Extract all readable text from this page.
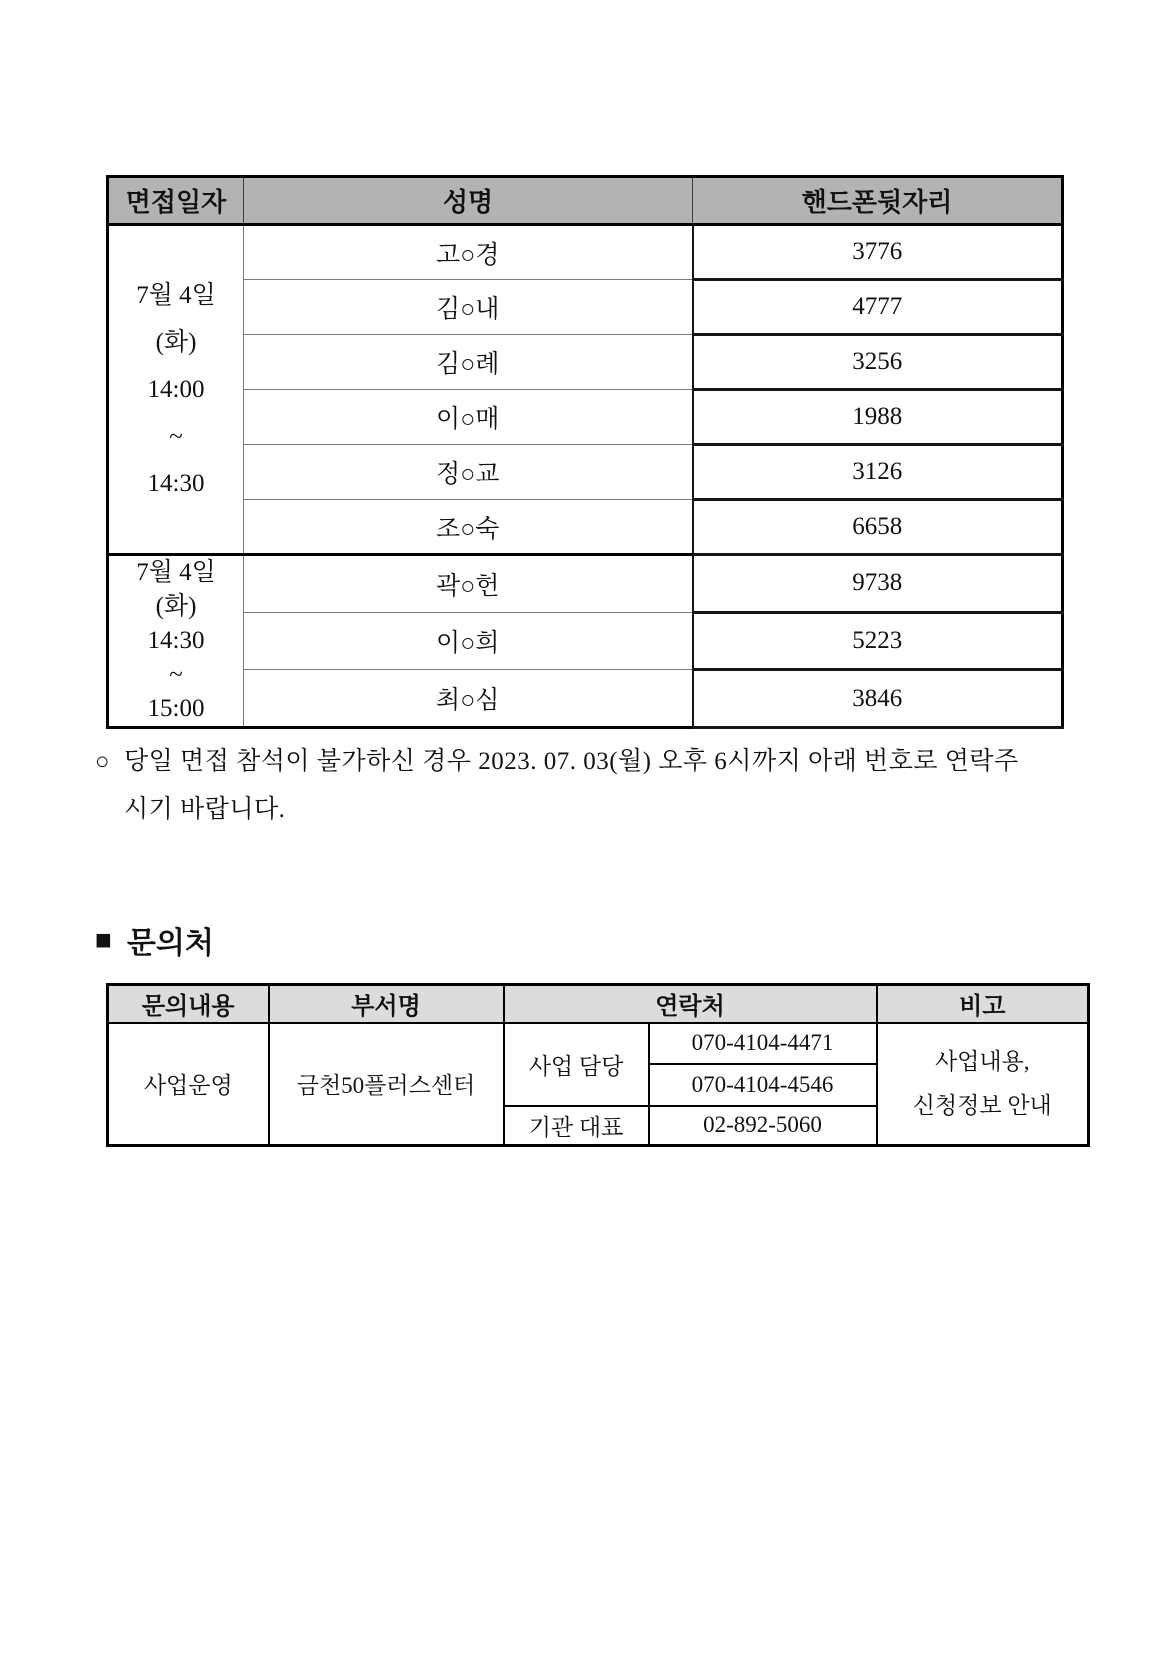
면접일자	성명	핸드폰뒷자리

7월 4일
(화)
14:00
~
14:30	고○경	3776
	김○내	4777
	김○례	3256
	이○매	1988
	정○교	3126
	조○숙	6658

7월 4일
(화)
14:30
~
15:00	곽○헌	9738
	이○희	5223
	최○심	3846
○ 당일 면접 참석이 불가하신 경우 2023. 07. 03(월) 오후 6시까지 아래 번호로 연락주
시기 바랍니다.
■ 문의처
문의내용	부서명	연락처		비고
사업운영	금천50플러스센터	사업 담당	070-4104-4471	사업내용,
신청정보 안내

			070-4104-4546	
		기관 대표	02-892-5060	
